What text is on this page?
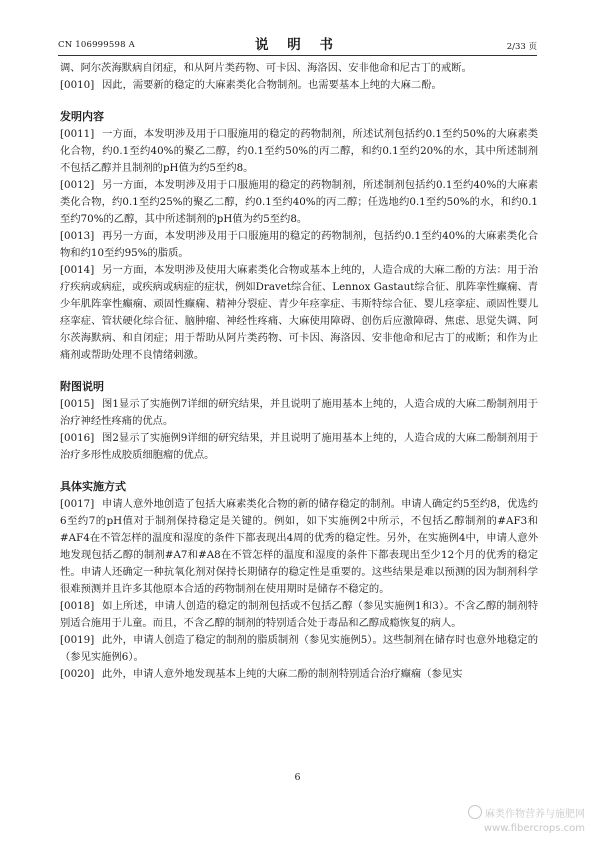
CN 106999598 A	说 明 书	2/33 页

调、阿尔茨海默病自闭症，和从阿片类药物、可卡因、海洛因、安非他命和尼古丁的戒断。

[0010] 因此，需要新的稳定的大麻素类化合物制剂。也需要基本上纯的大麻二酚。

发明内容

[0011] 一方面，本发明涉及用于口服施用的稳定的药物制剂，所述试剂包括约0.1至约50%的大麻素类化合物，约0.1至约40%的聚乙二醇，约0.1至约50%的丙二醇，和约0.1至约20%的水，其中所述制剂不包括乙醇并且制剂的pH值为约5至约8。

[0012] 另一方面，本发明涉及用于口服施用的稳定的药物制剂，所述制剂包括约0.1至约40%的大麻素类化合物，约0.1至约25%的聚乙二醇，约0.1至约40%的丙二醇；任选地约0.1至约50%的水，和约0.1至约70%的乙醇，其中所述制剂的pH值为约5至约8。

[0013] 再另一方面，本发明涉及用于口服施用的稳定的药物制剂，包括约0.1至约40%的大麻素类化合物和约10至约95%的脂质。

[0014] 另一方面，本发明涉及使用大麻素类化合物或基本上纯的，人造合成的大麻二酚的方法：用于治疗疾病或病症，或疾病或病症的症状，例如Dravet综合征、Lennox Gastaut综合征、肌阵挛性癫痫、青少年肌阵挛性癫痫、顽固性癫痫、精神分裂症、青少年痉挛症、韦斯特综合征、婴儿痉挛症、顽固性婴儿痉挛症、管状硬化综合征、脑肿瘤、神经性疼痛、大麻使用障碍、创伤后应激障碍、焦虑、思觉失调、阿尔茨海默病、和自闭症；用于帮助从阿片类药物、可卡因、海洛因、安非他命和尼古丁的戒断；和作为止痛剂或帮助处理不良情绪刺激。

附图说明

[0015] 图1显示了实施例7详细的研究结果，并且说明了施用基本上纯的，人造合成的大麻二酚制剂用于治疗神经性疼痛的优点。

[0016] 图2显示了实施例9详细的研究结果，并且说明了施用基本上纯的，人造合成的大麻二酚制剂用于治疗多形性成胶质细胞瘤的优点。

具体实施方式

[0017] 申请人意外地创造了包括大麻素类化合物的新的储存稳定的制剂。申请人确定约5至约8，优选约6至约7的pH值对于制剂保持稳定是关键的。例如，如下实施例2中所示，不包括乙醇制剂的#AF3和#AF4在不管怎样的温度和湿度的条件下都表现出4周的优秀的稳定性。另外，在实施例4中，申请人意外地发现包括乙醇的制剂#A7和#A8在不管怎样的温度和湿度的条件下都表现出至少12个月的优秀的稳定性。申请人还确定一种抗氧化剂对保持长期储存的稳定性是重要的。这些结果是难以预测的因为制剂科学很难预测并且许多其他原本合适的药物制剂在使用期时是储存不稳定的。

[0018] 如上所述，申请人创造的稳定的制剂包括或不包括乙醇（参见实施例1和3）。不含乙醇的制剂特别适合施用于儿童。而且，不含乙醇的制剂的特别适合处于毒品和乙醇成瘾恢复的病人。

[0019] 此外，申请人创造了稳定的制剂的脂质制剂（参见实施例5）。这些制剂在储存时也意外地稳定的（参见实施例6）。

[0020] 此外，申请人意外地发现基本上纯的大麻二酚的制剂特别适合治疗癫痫（参见实

6
麻类作物营养与施肥网
www.fibercrops.com
